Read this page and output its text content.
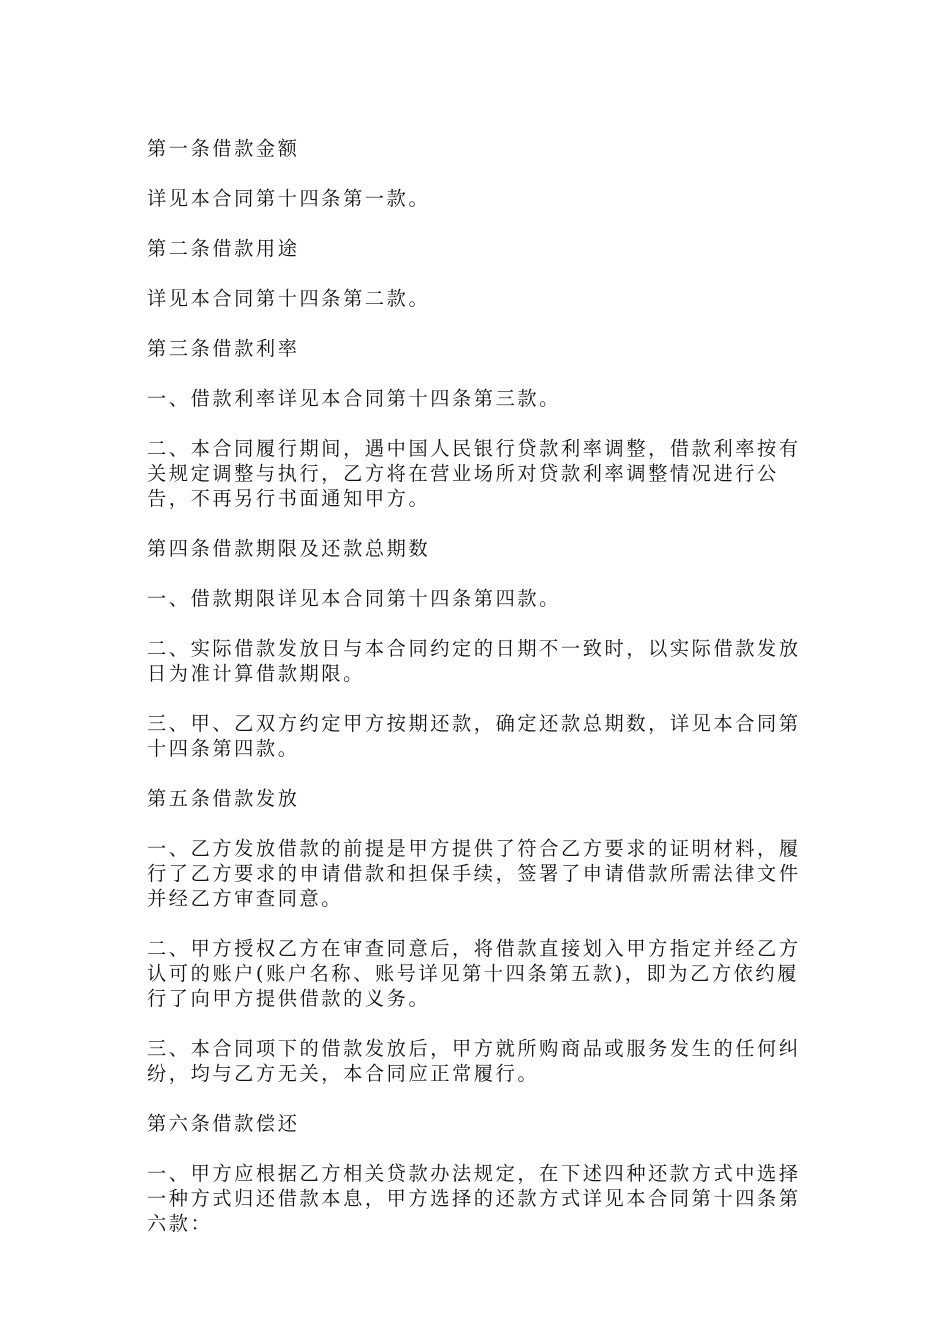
第一条借款金额

详见本合同第十四条第一款。

第二条借款用途

详见本合同第十四条第二款。

第三条借款利率

一、借款利率详见本合同第十四条第三款。

二、本合同履行期间，遇中国人民银行贷款利率调整，借款利率按有关规定调整与执行，乙方将在营业场所对贷款利率调整情况进行公告，不再另行书面通知甲方。

第四条借款期限及还款总期数

一、借款期限详见本合同第十四条第四款。

二、实际借款发放日与本合同约定的日期不一致时，以实际借款发放日为准计算借款期限。

三、甲、乙双方约定甲方按期还款，确定还款总期数，详见本合同第十四条第四款。

第五条借款发放

一、乙方发放借款的前提是甲方提供了符合乙方要求的证明材料，履行了乙方要求的申请借款和担保手续，签署了申请借款所需法律文件并经乙方审查同意。

二、甲方授权乙方在审查同意后，将借款直接划入甲方指定并经乙方认可的账户(账户名称、账号详见第十四条第五款)，即为乙方依约履行了向甲方提供借款的义务。

三、本合同项下的借款发放后，甲方就所购商品或服务发生的任何纠纷，均与乙方无关，本合同应正常履行。

第六条借款偿还

一、甲方应根据乙方相关贷款办法规定，在下述四种还款方式中选择一种方式归还借款本息，甲方选择的还款方式详见本合同第十四条第六款：
